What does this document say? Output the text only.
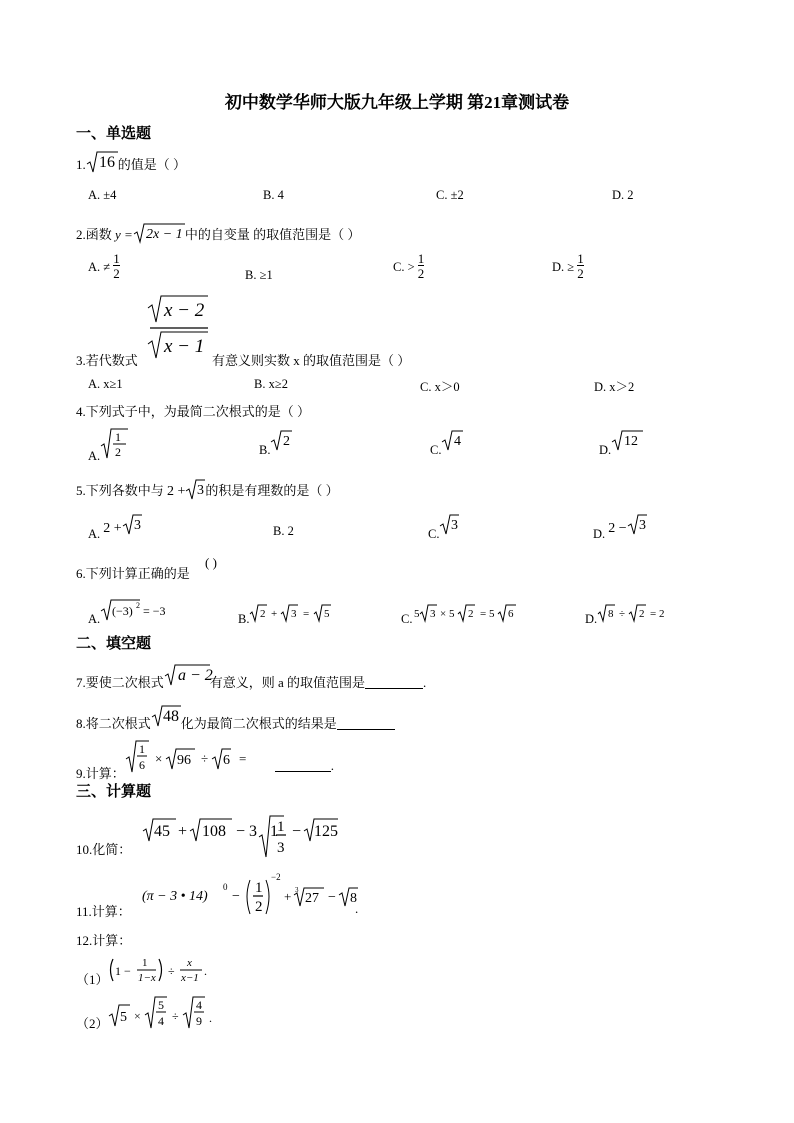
初中数学华师大版九年级上学期 第21章测试卷
一、单选题
1. 16 的值是（ ）
A. ±4	B. 4	C. ±2	D. 2
2.函数 y = 2x − 1 中的自变量 的取值范围是（ ）
A. ≠ $\frac{1}{2}$	B. ≥1
C. > $\frac{1}{2}$	D. ≥ $\frac{1}{2}$
3.若代数式
x − 2
x − 1
有意义则实数 x 的取值范围是（ ）
A. x≥1	B. x≥2	C. x＞0	D. x＞2
4.下列式子中，为最简二次根式的是（ ）
A.
1
2	B.
2
C.
4
D.
12
5.下列各数中与 2 + 3 的积是有理数的是（ ）
A. 2 + 3	B. 2	C.
3
D. 2 − 3
6.下列计算正确的是
( )
A.
(−3) 2 = −3
B. 2 + 3 = 5	C. 5 3 × 5 2 = 5 6	D. 8 ÷ 2 = 2
二、填空题
7.要使二次根式 a − 2
有意义，则 a 的取值范围是	.
8.将二次根式 48 化为最简二次根式的结果是
9.计算：
1
6 × 96 ÷ 6 =	.
三、计算题
10.化简：
45 + 108 − 3 1 1
3
− 125
11.计算：
(π − 3 • 14)
0
−
1
2
−2
+ 3
27 − 8
.
12.计算：
（1）
1 −
1
1−x ÷
x
x−1 .
（2） 5 ×
5
4 ÷
4
9 .
